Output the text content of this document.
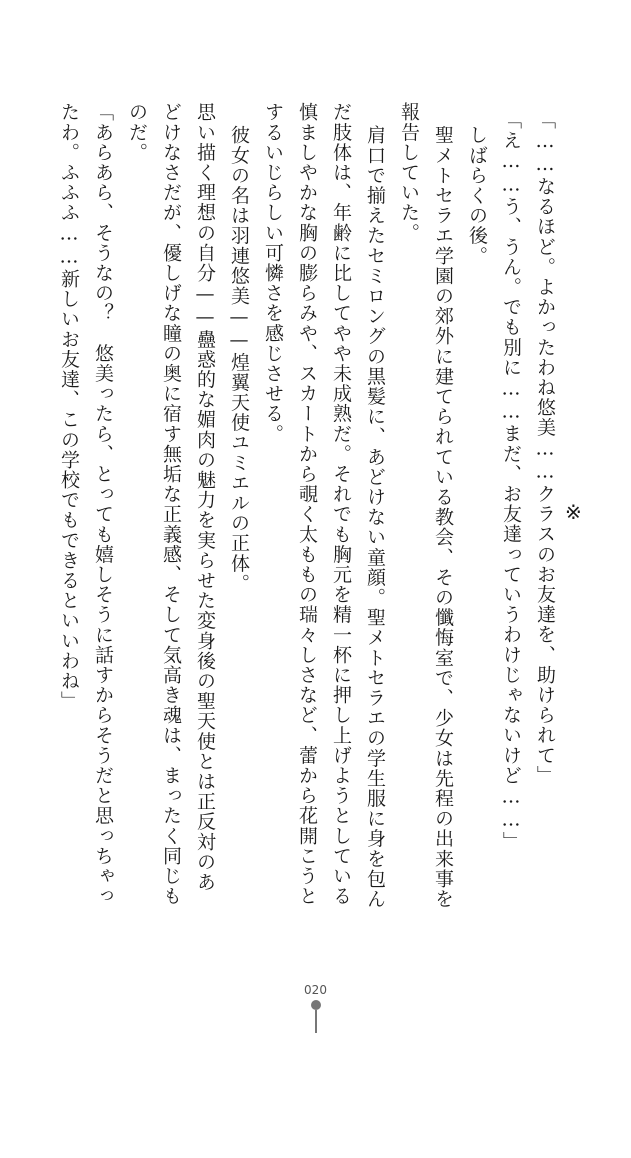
※

「……なるほど。よかったわね悠美……クラスのお友達を、助けられて」

「え……う、うん。でも別に……まだ、お友達っていうわけじゃないけど……」

しばらくの後。

聖メトセラエ学園の郊外に建てられている教会、その懺悔室で、少女は先程の出来事を

報告していた。

肩口で揃えたセミロングの黒髪に、あどけない童顔。聖メトセラエの学生服に身を包ん

だ肢体は、年齢に比してやや未成熟だ。それでも胸元を精一杯に押し上げようとしている

慎ましやかな胸の膨らみや、スカートから覗く太ももの瑞々しさなど、蕾から花開こうと

するいじらしい可憐さを感じさせる。

彼女の名は羽連悠美——煌翼天使ユミエルの正体。

思い描く理想の自分——蠱惑的な媚肉の魅力を実らせた変身後の聖天使とは正反対のあ

どけなさだが、優しげな瞳の奥に宿す無垢な正義感、そして気高き魂は、まったく同じも

のだ。

「あらあら、そうなの？　悠美ったら、とっても嬉しそうに話すからそうだと思っちゃっ

たわ。ふふふ……新しいお友達、この学校でもできるといいわね」

020
